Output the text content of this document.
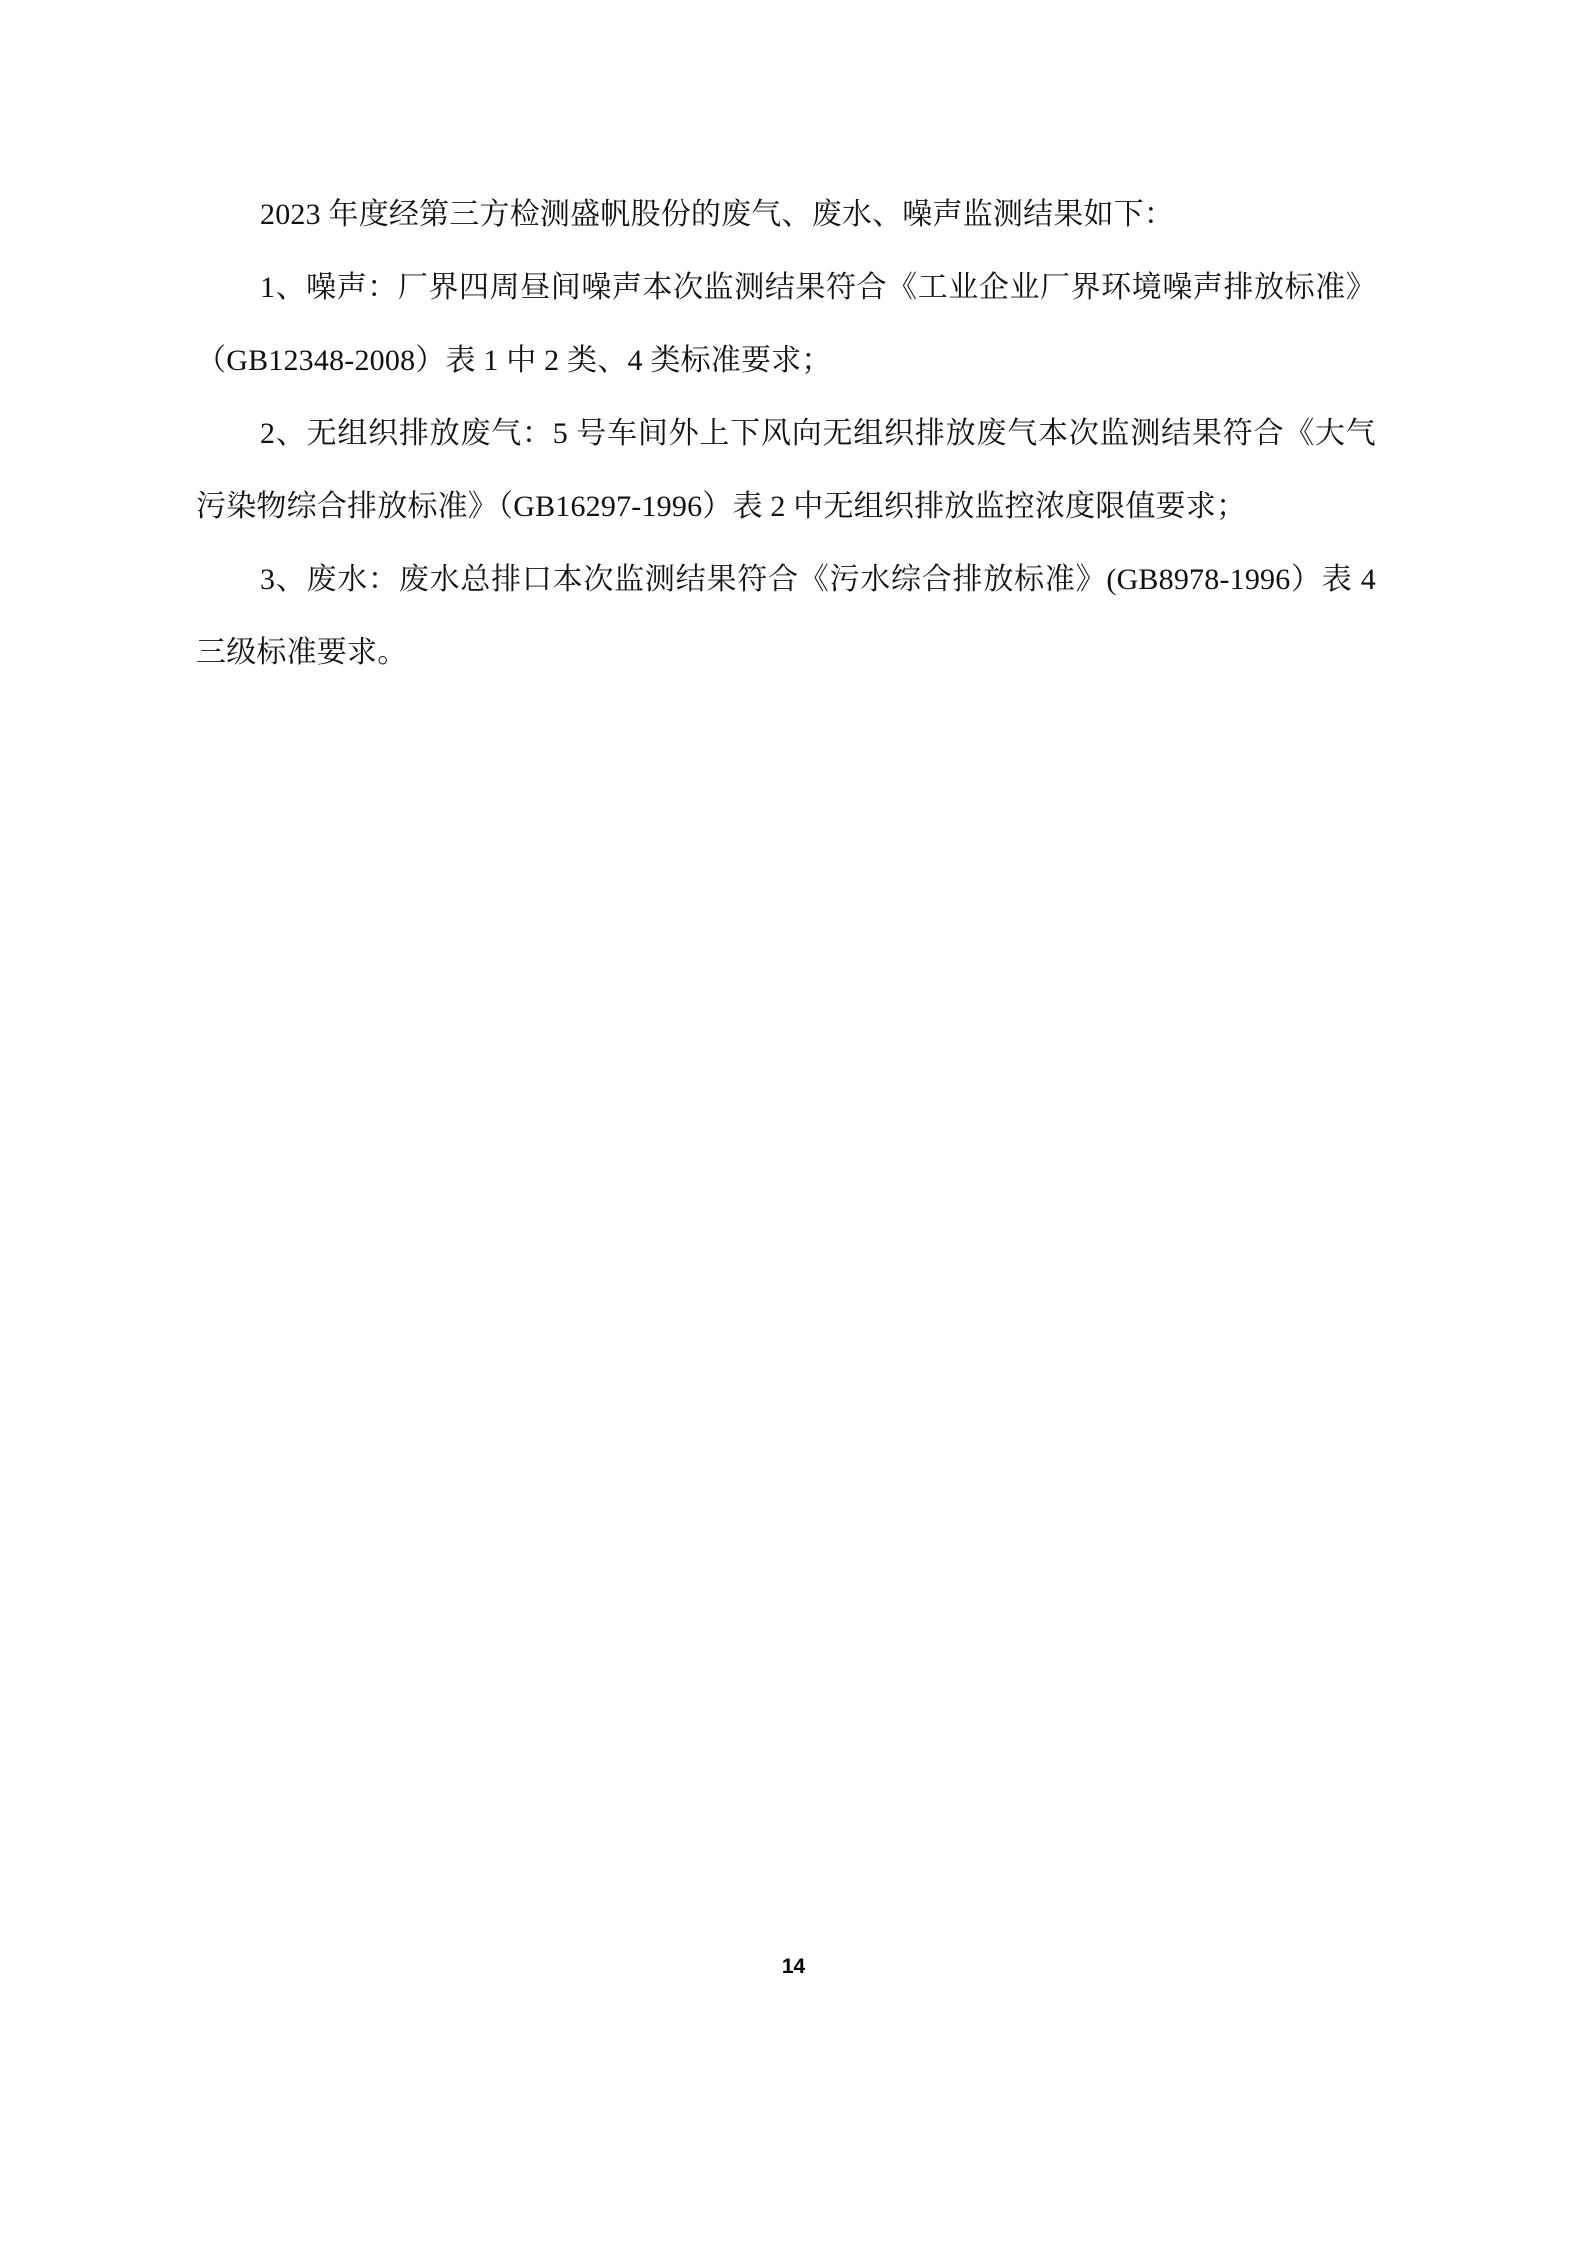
2023 年度经第三方检测盛帆股份的废气、废水、噪声监测结果如下：

1、噪声：厂界四周昼间噪声本次监测结果符合《工业企业厂界环境噪声排放标准》（GB12348-2008）表 1 中 2 类、4 类标准要求；

2、无组织排放废气：5 号车间外上下风向无组织排放废气本次监测结果符合《大气污染物综合排放标准》（GB16297-1996）表 2 中无组织排放监控浓度限值要求；

3、废水：废水总排口本次监测结果符合《污水综合排放标准》(GB8978-1996）表 4 三级标准要求。

14
